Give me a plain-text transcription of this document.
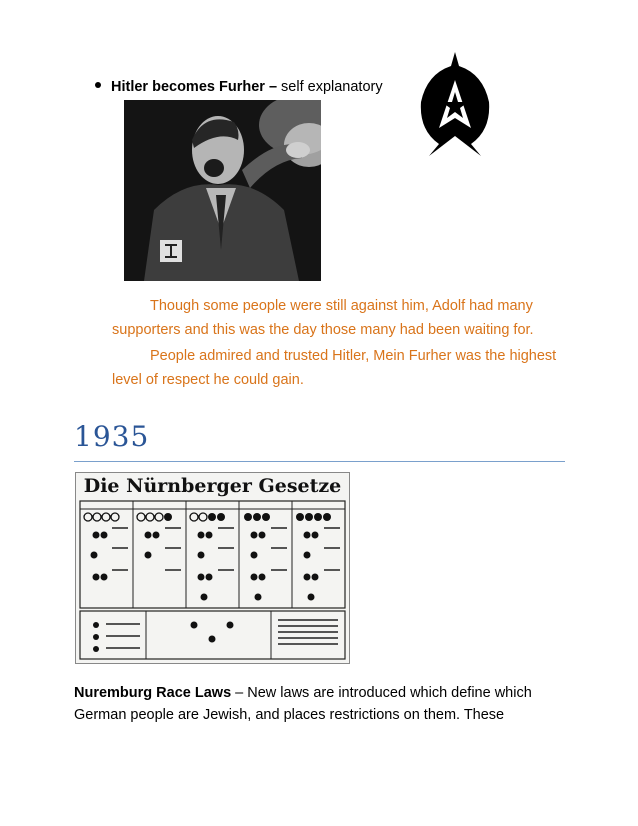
Hitler becomes Furher – self explanatory
Though some people were still against him, Adolf had many supporters and this was the day those many had been waiting for.
People admired and trusted Hitler, Mein Furher was the highest level of respect he could gain.
1935
Die Nürnberger Gesetze
Nuremburg Race Laws – New laws are introduced which define which German people are Jewish, and places restrictions on them. These
